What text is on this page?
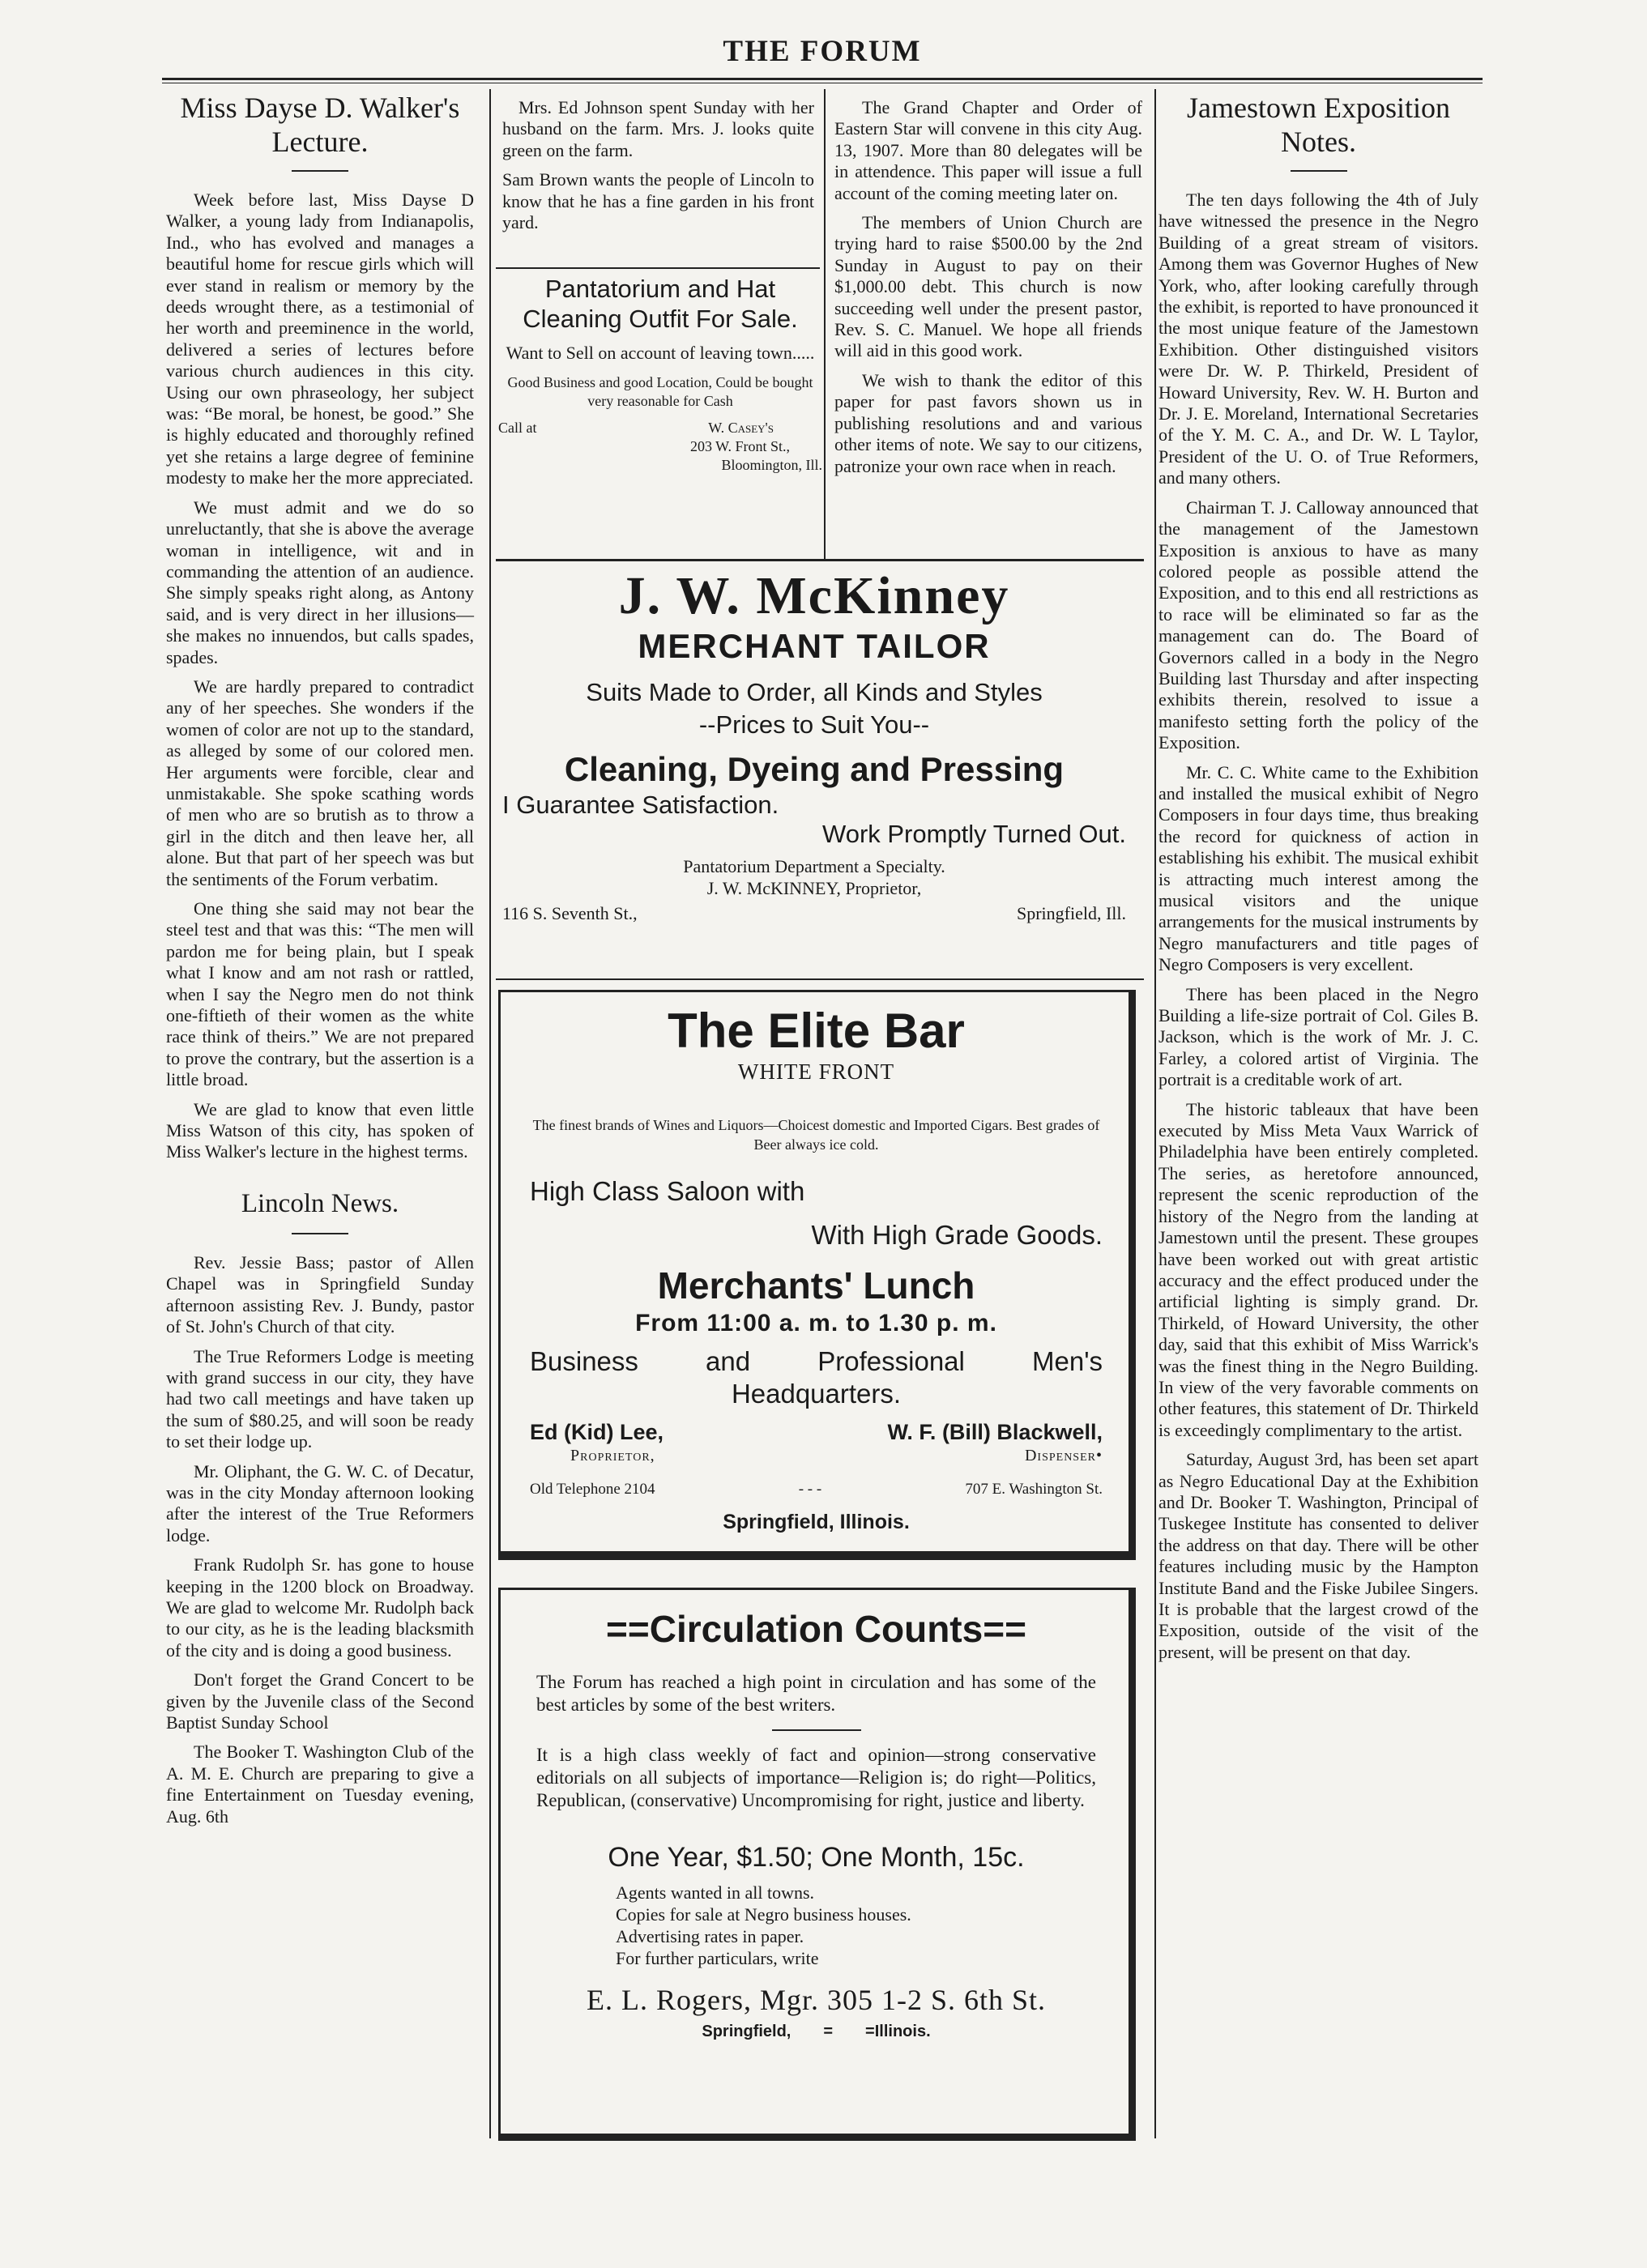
THE FORUM
Miss Dayse D. Walker's Lecture.

Week before last, Miss Dayse D Walker, a young lady from Indianapolis, Ind., who has evolved and manages a beautiful home for rescue girls which will ever stand in realism or memory by the deeds wrought there, as a testimonial of her worth and preeminence in the world, delivered a series of lectures before various church audiences in this city. Using our own phraseology, her subject was: “Be moral, be honest, be good.” She is highly educated and thoroughly refined yet she retains a large degree of feminine modesty to make her the more appreciated.

We must admit and we do so unreluctantly, that she is above the average woman in intelligence, wit and in commanding the attention of an audience. She simply speaks right along, as Antony said, and is very direct in her illusions—she makes no innuendos, but calls spades, spades.

We are hardly prepared to contradict any of her speeches. She wonders if the women of color are not up to the standard, as alleged by some of our colored men. Her arguments were forcible, clear and unmistakable. She spoke scathing words of men who are so brutish as to throw a girl in the ditch and then leave her, all alone. But that part of her speech was but the sentiments of the Forum verbatim.

One thing she said may not bear the steel test and that was this: “The men will pardon me for being plain, but I speak what I know and am not rash or rattled, when I say the Negro men do not think one-fiftieth of their women as the white race think of theirs.” We are not prepared to prove the contrary, but the assertion is a little broad.

We are glad to know that even little Miss Watson of this city, has spoken of Miss Walker's lecture in the highest terms.

Lincoln News.

Rev. Jessie Bass; pastor of Allen Chapel was in Springfield Sunday afternoon assisting Rev. J. Bundy, pastor of St. John's Church of that city.

The True Reformers Lodge is meeting with grand success in our city, they have had two call meetings and have taken up the sum of $80.25, and will soon be ready to set their lodge up.

Mr. Oliphant, the G. W. C. of Decatur, was in the city Monday afternoon looking after the interest of the True Reformers lodge.

Frank Rudolph Sr. has gone to house keeping in the 1200 block on Broadway. We are glad to welcome Mr. Rudolph back to our city, as he is the leading blacksmith of the city and is doing a good business.

Don't forget the Grand Concert to be given by the Juvenile class of the Second Baptist Sunday School

The Booker T. Washington Club of the A. M. E. Church are preparing to give a fine Entertainment on Tuesday evening, Aug. 6th

Mrs. Ed Johnson spent Sunday with her husband on the farm. Mrs. J. looks quite green on the farm.

Sam Brown wants the people of Lincoln to know that he has a fine garden in his front yard.

Pantatorium and Hat Cleaning Outfit For Sale.
Want to Sell on account of leaving town.....
Good Business and good Location, Could be bought very reasonable for Cash
Call at	W. Casey's
203 W. Front St.,
Bloomington, Ill.

The Grand Chapter and Order of Eastern Star will convene in this city Aug. 13, 1907. More than 80 delegates will be in attendence. This paper will issue a full account of the coming meeting later on.

The members of Union Church are trying hard to raise $500.00 by the 2nd Sunday in August to pay on their $1,000.00 debt. This church is now succeeding well under the present pastor, Rev. S. C. Manuel. We hope all friends will aid in this good work.

We wish to thank the editor of this paper for past favors shown us in publishing resolutions and and various other items of note. We say to our citizens, patronize your own race when in reach.

J. W. McKinney
MERCHANT TAILOR
Suits Made to Order, all Kinds and Styles
--Prices to Suit You--
Cleaning, Dyeing and Pressing
I Guarantee Satisfaction.
Work Promptly Turned Out.
Pantatorium Department a Specialty.
J. W. McKINNEY, Proprietor,
116 S. Seventh St.,	Springfield, Ill.
The Elite Bar
WHITE FRONT
The finest brands of Wines and Liquors—Choicest domestic and Imported Cigars. Best grades of Beer always ice cold.
High Class Saloon with
With High Grade Goods.
Merchants' Lunch
From 11:00 a. m. to 1.30 p. m.
Business and Professional Men's
Headquarters.
Ed (Kid) Lee,	W. F. (Bill) Blackwell,
Proprietor,	Dispenser•
Old Telephone 2104	- - -	707 E. Washington St.
Springfield, Illinois.
==Circulation Counts==

The Forum has reached a high point in circulation and has some of the best articles by some of the best writers.

It is a high class weekly of fact and opinion—strong conservative editorials on all subjects of importance—Religion is; do right—Politics, Republican, (conservative) Uncompromising for right, justice and liberty.

One Year, $1.50; One Month, 15c.
Agents wanted in all towns.
Copies for sale at Negro business houses.
Advertising rates in paper.
For further particulars, write
E. L. Rogers, Mgr. 305 1-2 S. 6th St.
Springfield, = =Illinois.
Jamestown Exposition Notes.

The ten days following the 4th of July have witnessed the presence in the Negro Building of a great stream of visitors. Among them was Governor Hughes of New York, who, after looking carefully through the exhibit, is reported to have pronounced it the most unique feature of the Jamestown Exhibition. Other distinguished visitors were Dr. W. P. Thirkeld, President of Howard University, Rev. W. H. Burton and Dr. J. E. Moreland, International Secretaries of the Y. M. C. A., and Dr. W. L Taylor, President of the U. O. of True Reformers, and many others.

Chairman T. J. Calloway announced that the management of the Jamestown Exposition is anxious to have as many colored people as possible attend the Exposition, and to this end all restrictions as to race will be eliminated so far as the management can do. The Board of Governors called in a body in the Negro Building last Thursday and after inspecting exhibits therein, resolved to issue a manifesto setting forth the policy of the Exposition.

Mr. C. C. White came to the Exhibition and installed the musical exhibit of Negro Composers in four days time, thus breaking the record for quickness of action in establishing his exhibit. The musical exhibit is attracting much interest among the musical visitors and the unique arrangements for the musical instruments by Negro manufacturers and title pages of Negro Composers is very excellent.

There has been placed in the Negro Building a life-size portrait of Col. Giles B. Jackson, which is the work of Mr. J. C. Farley, a colored artist of Virginia. The portrait is a creditable work of art.

The historic tableaux that have been executed by Miss Meta Vaux Warrick of Philadelphia have been entirely completed. The series, as heretofore announced, represent the scenic reproduction of the history of the Negro from the landing at Jamestown until the present. These groupes have been worked out with great artistic accuracy and the effect produced under the artificial lighting is simply grand. Dr. Thirkeld, of Howard University, the other day, said that this exhibit of Miss Warrick's was the finest thing in the Negro Building. In view of the very favorable comments on other features, this statement of Dr. Thirkeld is exceedingly complimentary to the artist.

Saturday, August 3rd, has been set apart as Negro Educational Day at the Exhibition and Dr. Booker T. Washington, Principal of Tuskegee Institute has consented to deliver the address on that day. There will be other features including music by the Hampton Institute Band and the Fiske Jubilee Singers. It is probable that the largest crowd of the Exposition, outside of the visit of the present, will be present on that day.
